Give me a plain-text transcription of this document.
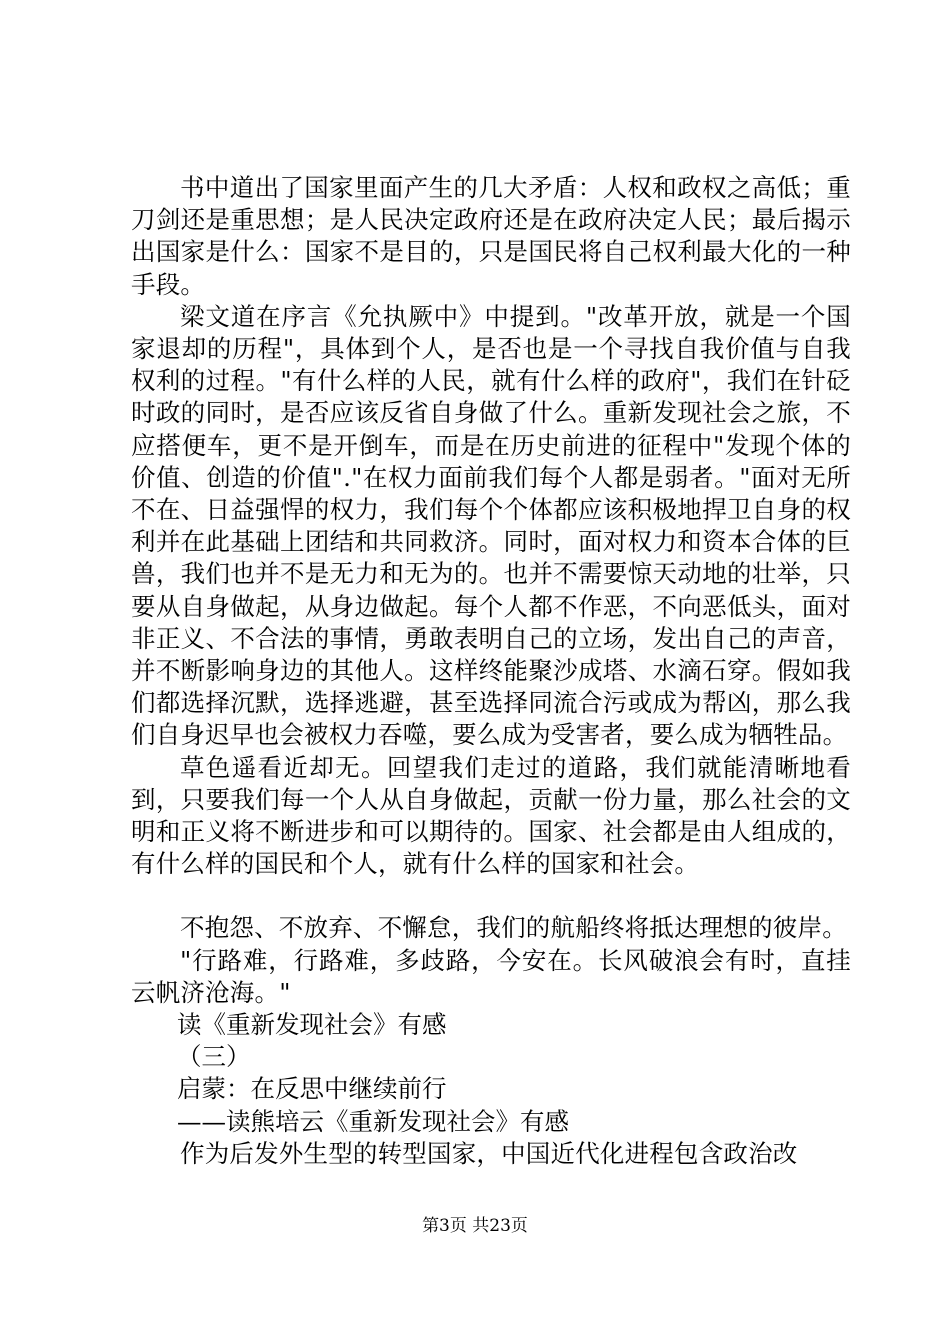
书中道出了国家里面产生的几大矛盾：人权和政权之高低；重刀剑还是重思想；是人民决定政府还是在政府决定人民；最后揭示出国家是什么：国家不是目的，只是国民将自己权利最大化的一种手段。

梁文道在序言《允执厥中》中提到。"改革开放，就是一个国家退却的历程"，具体到个人，是否也是一个寻找自我价值与自我权利的过程。"有什么样的人民，就有什么样的政府"，我们在针砭时政的同时，是否应该反省自身做了什么。重新发现社会之旅，不应搭便车，更不是开倒车，而是在历史前进的征程中"发现个体的价值、创造的价值"."在权力面前我们每个人都是弱者。"面对无所不在、日益强悍的权力，我们每个个体都应该积极地捍卫自身的权利并在此基础上团结和共同救济。同时，面对权力和资本合体的巨兽，我们也并不是无力和无为的。也并不需要惊天动地的壮举，只要从自身做起，从身边做起。每个人都不作恶，不向恶低头，面对非正义、不合法的事情，勇敢表明自己的立场，发出自己的声音，并不断影响身边的其他人。这样终能聚沙成塔、水滴石穿。假如我们都选择沉默，选择逃避，甚至选择同流合污或成为帮凶，那么我们自身迟早也会被权力吞噬，要么成为受害者，要么成为牺牲品。

草色遥看近却无。回望我们走过的道路，我们就能清晰地看到，只要我们每一个人从自身做起，贡献一份力量，那么社会的文明和正义将不断进步和可以期待的。国家、社会都是由人组成的，有什么样的国民和个人，就有什么样的国家和社会。

不抱怨、不放弃、不懈怠，我们的航船终将抵达理想的彼岸。

"行路难，行路难，多歧路，今安在。长风破浪会有时，直挂云帆济沧海。"

读《重新发现社会》有感

（三）

启蒙：在反思中继续前行

——读熊培云《重新发现社会》有感

作为后发外生型的转型国家，中国近代化进程包含政治改

第3页 共23页
